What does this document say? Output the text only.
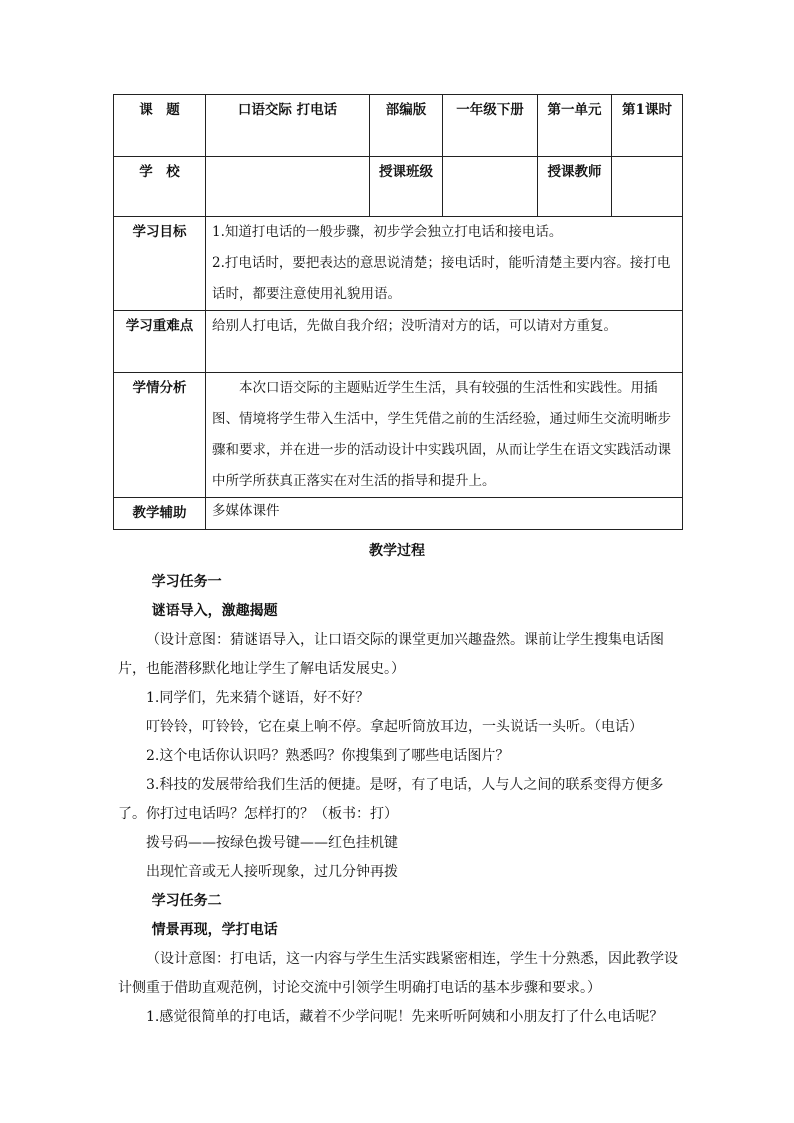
课　题	口语交际 打电话	部编版	一年级下册	第一单元	第1课时
学　校		授课班级		授课教师	
学习目标	1.知道打电话的一般步骤，初步学会独立打电话和接电话。
2.打电话时，要把表达的意思说清楚；接电话时，能听清楚主要内容。接打电话时，都要注意使用礼貌用语。				

学习重难点	给别人打电话，先做自我介绍；没听清对方的话，可以请对方重复。				
学情分析	本次口语交际的主题贴近学生生活，具有较强的生活性和实践性。用插图、情境将学生带入生活中，学生凭借之前的生活经验，通过师生交流明晰步骤和要求，并在进一步的活动设计中实践巩固，从而让学生在语文实践活动课中所学所获真正落实在对生活的指导和提升上。				
教学辅助	多媒体课件				
教学过程
学习任务一
谜语导入，激趣揭题
（设计意图：猜谜语导入，让口语交际的课堂更加兴趣盎然。课前让学生搜集电话图片，也能潜移默化地让学生了解电话发展史。）
1.同学们，先来猜个谜语，好不好？
叮铃铃，叮铃铃，它在桌上响不停。拿起听筒放耳边，一头说话一头听。（电话）
2.这个电话你认识吗？熟悉吗？你搜集到了哪些电话图片？
3.科技的发展带给我们生活的便捷。是呀，有了电话，人与人之间的联系变得方便多了。你打过电话吗？怎样打的？（板书：打）
拨号码——按绿色拨号键——红色挂机键
出现忙音或无人接听现象，过几分钟再拨
学习任务二
情景再现，学打电话
（设计意图：打电话，这一内容与学生生活实践紧密相连，学生十分熟悉，因此教学设计侧重于借助直观范例，讨论交流中引领学生明确打电话的基本步骤和要求。）
1.感觉很简单的打电话，藏着不少学问呢！先来听听阿姨和小朋友打了什么电话呢？
